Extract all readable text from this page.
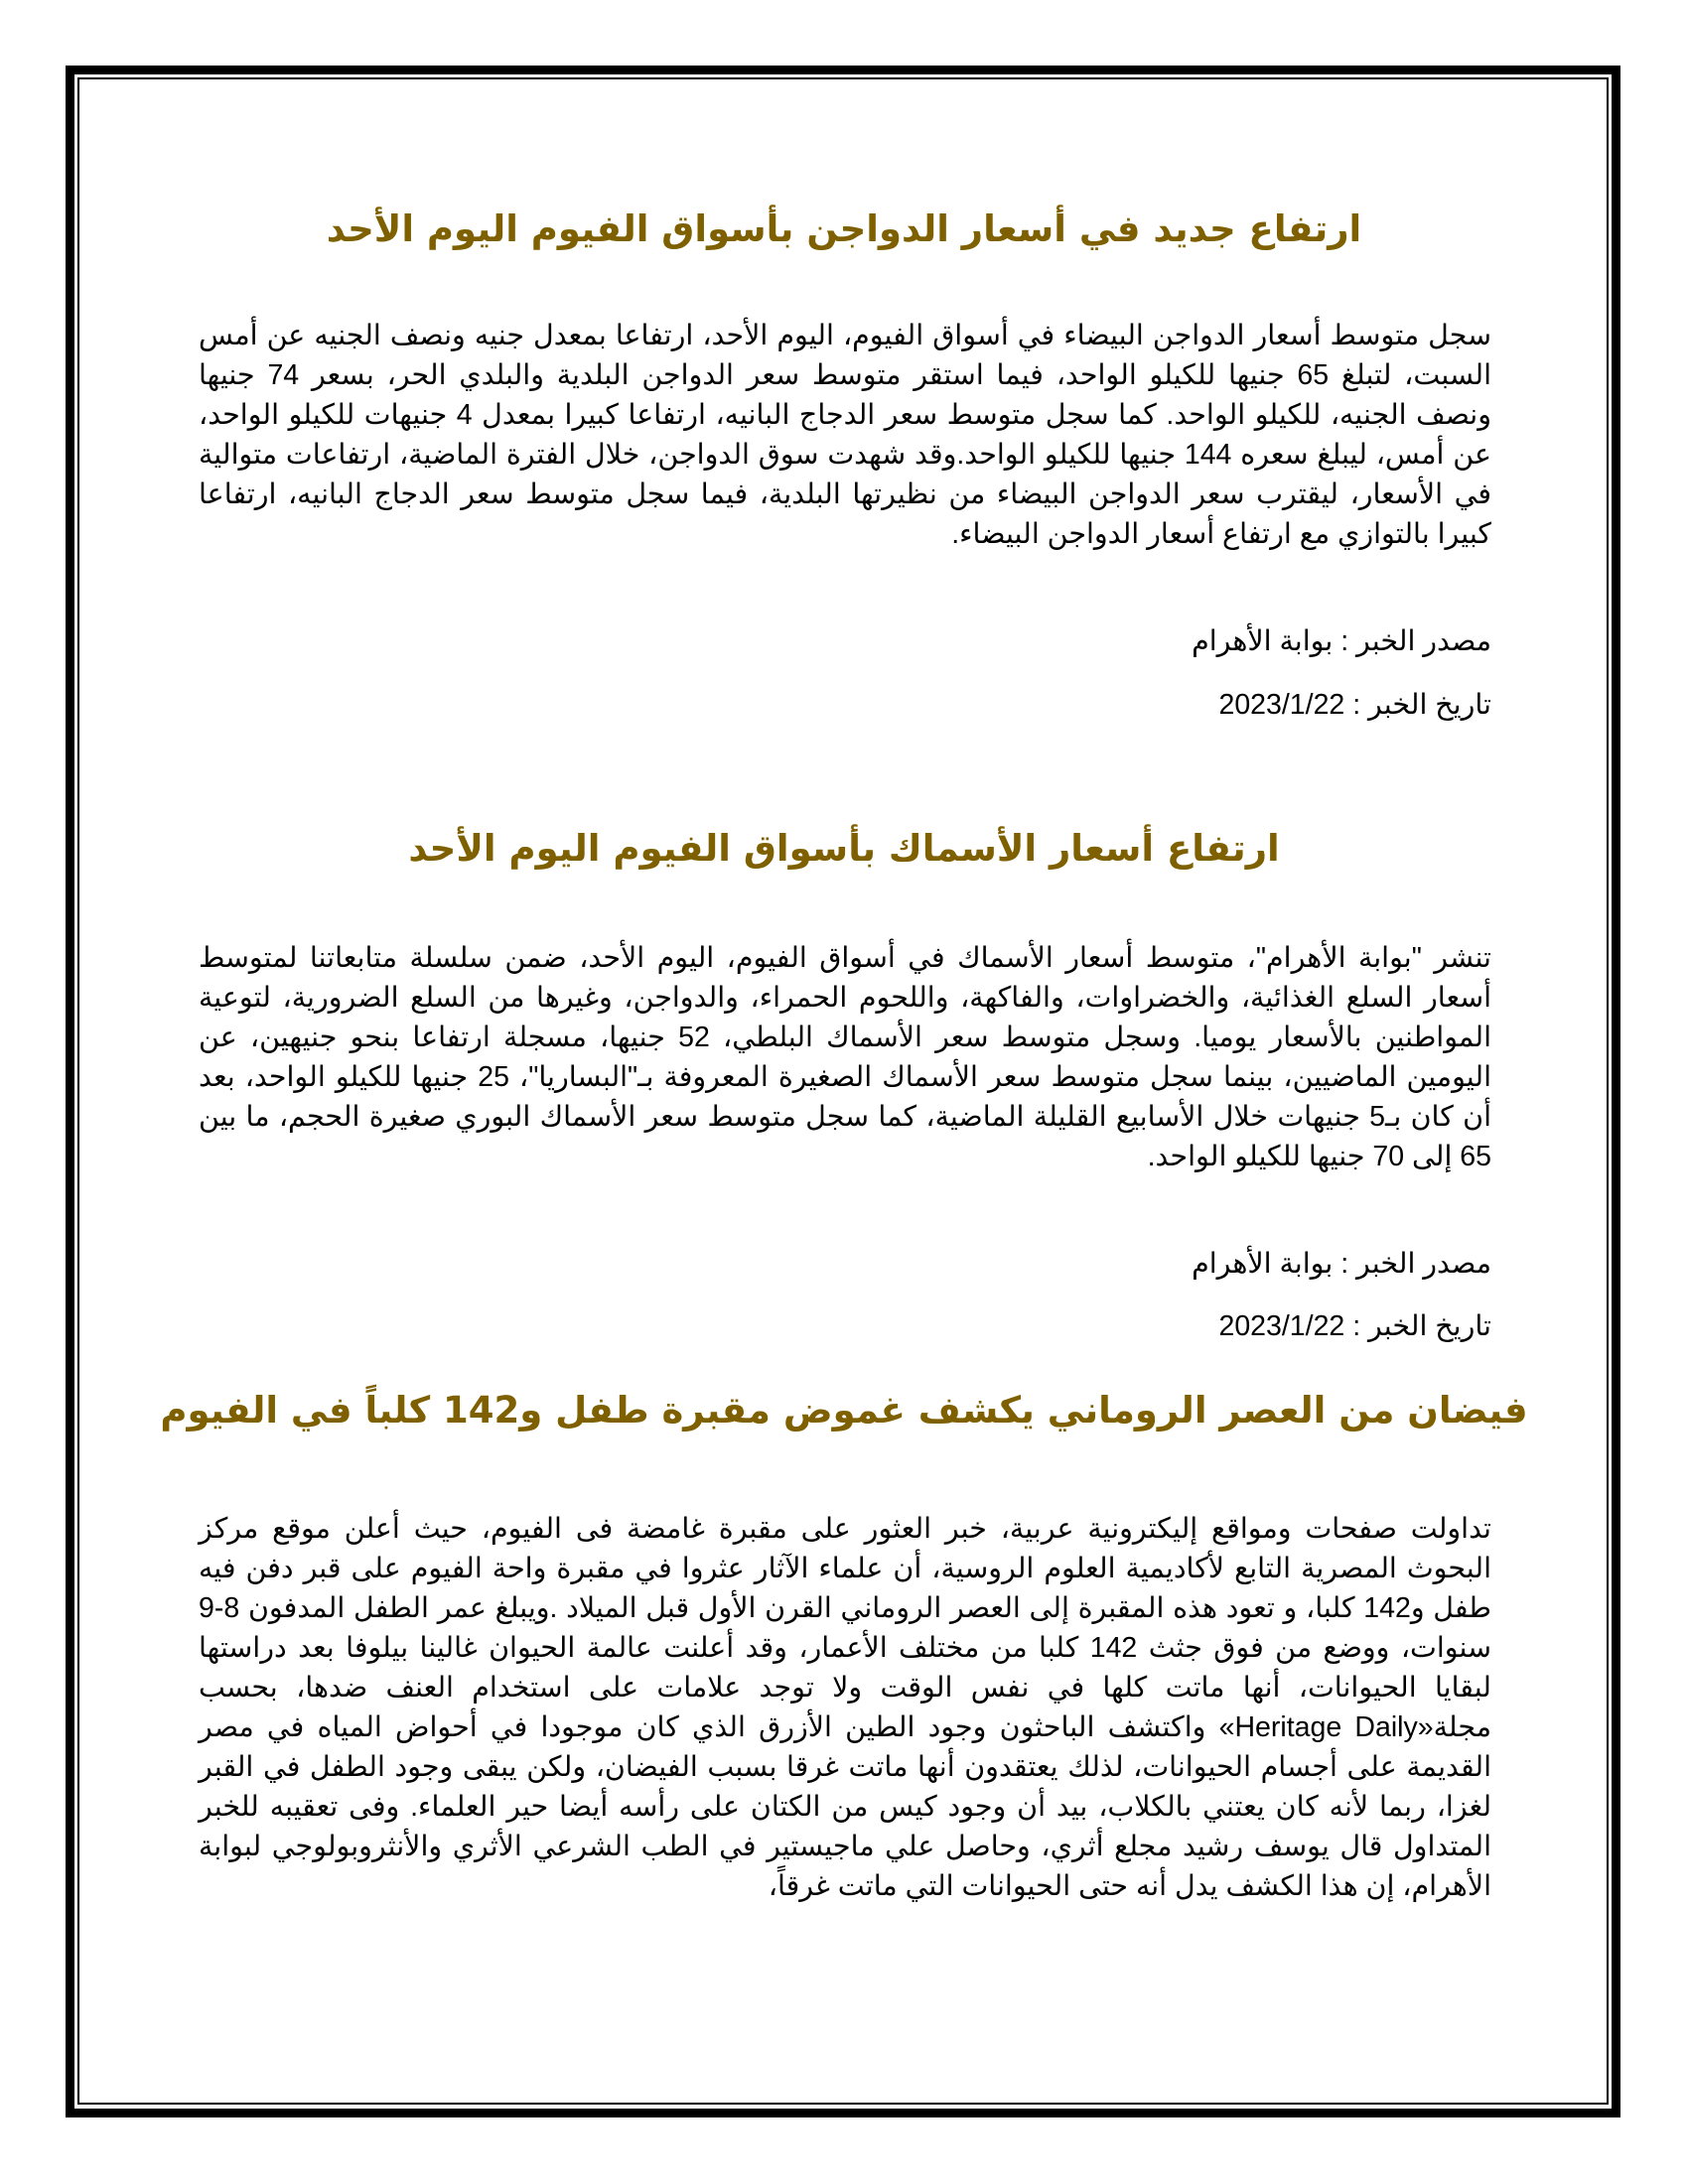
ارتفاع جديد في أسعار الدواجن بأسواق الفيوم اليوم الأحد

سجل متوسط أسعار الدواجن البيضاء في أسواق الفيوم، اليوم الأحد، ارتفاعا بمعدل جنيه ونصف الجنيه عن أمس السبت، لتبلغ 65 جنيها للكيلو الواحد، فيما استقر متوسط سعر الدواجن البلدية والبلدي الحر، بسعر 74 جنيها ونصف الجنيه، للكيلو الواحد. كما سجل متوسط سعر الدجاج البانيه، ارتفاعا كبيرا بمعدل 4 جنيهات للكيلو الواحد، عن أمس، ليبلغ سعره 144 جنيها للكيلو الواحد.وقد شهدت سوق الدواجن، خلال الفترة الماضية، ارتفاعات متوالية في الأسعار، ليقترب سعر الدواجن البيضاء من نظيرتها البلدية، فيما سجل متوسط سعر الدجاج البانيه، ارتفاعا كبيرا بالتوازي مع ارتفاع أسعار الدواجن البيضاء.

مصدر الخبر : بوابة الأهرام

تاريخ الخبر : 2023/1/22

ارتفاع أسعار الأسماك بأسواق الفيوم اليوم الأحد

تنشر "بوابة الأهرام"، متوسط أسعار الأسماك في أسواق الفيوم، اليوم الأحد، ضمن سلسلة متابعاتنا لمتوسط أسعار السلع الغذائية، والخضراوات، والفاكهة، واللحوم الحمراء، والدواجن، وغيرها من السلع الضرورية، لتوعية المواطنين بالأسعار يوميا. وسجل متوسط سعر الأسماك البلطي، 52 جنيها، مسجلة ارتفاعا بنحو جنيهين، عن اليومين الماضيين، بينما سجل متوسط سعر الأسماك الصغيرة المعروفة بـ"البساريا"، 25 جنيها للكيلو الواحد، بعد أن كان بـ5 جنيهات خلال الأسابيع القليلة الماضية، كما سجل متوسط سعر الأسماك البوري صغيرة الحجم، ما بين 65 إلى 70 جنيها للكيلو الواحد.

مصدر الخبر : بوابة الأهرام

تاريخ الخبر : 2023/1/22

فيضان من العصر الروماني يكشف غموض مقبرة طفل و142 كلباً في الفيوم

تداولت صفحات ومواقع إليكترونية عربية، خبر العثور على مقبرة غامضة فى الفيوم، حيث أعلن موقع مركز البحوث المصرية التابع لأكاديمية العلوم الروسية، أن علماء الآثار عثروا في مقبرة واحة الفيوم على قبر دفن فيه طفل و142 كلبا، و تعود هذه المقبرة إلى العصر الروماني القرن الأول قبل الميلاد .ويبلغ عمر الطفل المدفون 8-9 سنوات، ووضع من فوق جثث 142 كلبا من مختلف الأعمار، وقد أعلنت عالمة الحيوان غالينا بيلوفا بعد دراستها لبقايا الحيوانات، أنها ماتت كلها في نفس الوقت ولا توجد علامات على استخدام العنف ضدها، بحسب مجلة«Heritage Daily» واكتشف الباحثون وجود الطين الأزرق الذي كان موجودا في أحواض المياه في مصر القديمة على أجسام الحيوانات، لذلك يعتقدون أنها ماتت غرقا بسبب الفيضان، ولكن يبقى وجود الطفل في القبر لغزا، ربما لأنه كان يعتني بالكلاب، بيد أن وجود كيس من الكتان على رأسه أيضا حير العلماء. وفى تعقيبه للخبر المتداول قال يوسف رشيد مجلع أثري، وحاصل علي ماجيستير في الطب الشرعي الأثري والأنثروبولوجي لبوابة الأهرام، إن هذا الكشف يدل أنه حتى الحيوانات التي ماتت غرقاً،
